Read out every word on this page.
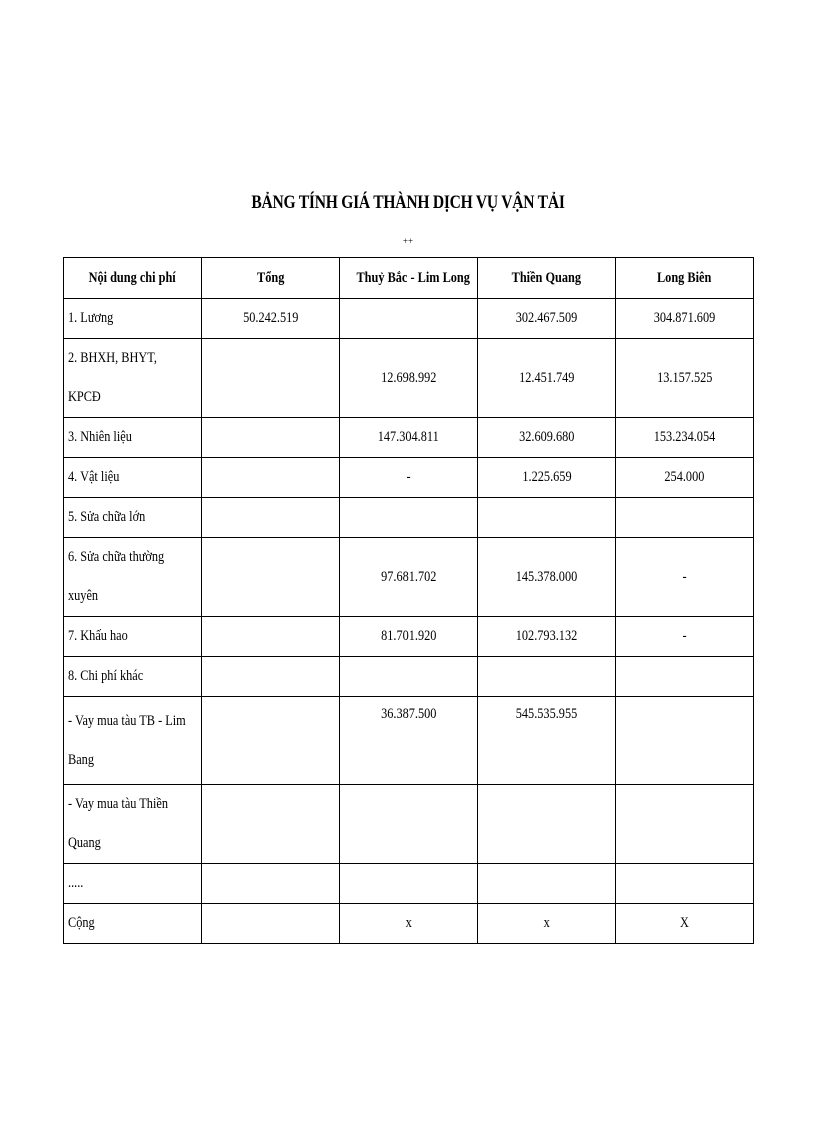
BẢNG TÍNH GIÁ THÀNH DỊCH VỤ VẬN TẢI
++
Nội dung chi phí	Tổng	Thuỷ Bắc - Lim Long	Thiền Quang	Long Biên
1. Lương	50.242.519		302.467.509	304.871.609
2. BHXH, BHYT, KPCĐ		12.698.992	12.451.749	13.157.525
3. Nhiên liệu		147.304.811	32.609.680	153.234.054
4. Vật liệu		-	1.225.659	254.000
5. Sửa chữa lớn				
6. Sửa chữa thường xuyên		97.681.702	145.378.000	-
7. Khấu hao		81.701.920	102.793.132	-
8. Chi phí khác				
- Vay mua tàu TB - Lim Bang		36.387.500	545.535.955	
- Vay mua tàu Thiền Quang				
.....				
Cộng		x	x	X
